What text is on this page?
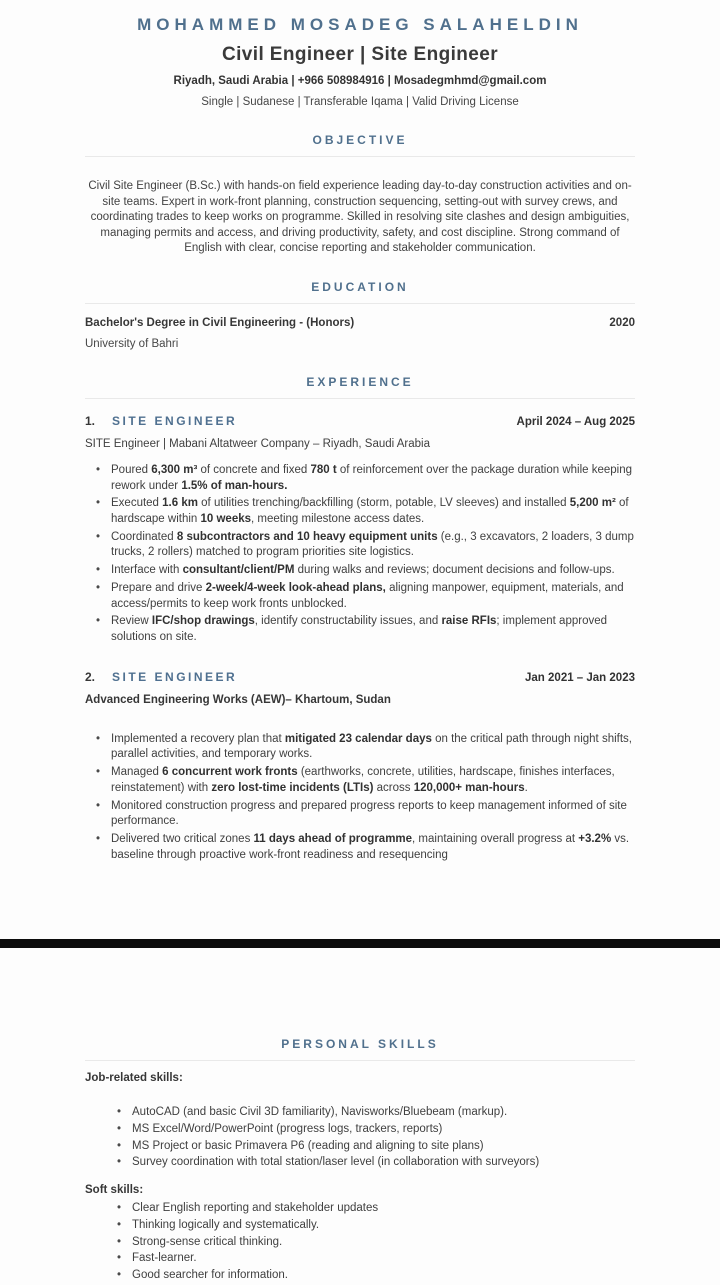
MOHAMMED MOSADEG SALAHELDIN
Civil Engineer | Site Engineer

Riyadh, Saudi Arabia | +966 508984916 | Mosadegmhmd@gmail.com

Single | Sudanese | Transferable Iqama | Valid Driving License

OBJECTIVE

Civil Site Engineer (B.Sc.) with hands-on field experience leading day-to-day construction activities and on-site teams. Expert in work-front planning, construction sequencing, setting-out with survey crews, and coordinating trades to keep works on programme. Skilled in resolving site clashes and design ambiguities, managing permits and access, and driving productivity, safety, and cost discipline. Strong command of English with clear, concise reporting and stakeholder communication.

EDUCATION
Bachelor's Degree in Civil Engineering - (Honors)	2020

University of Bahri

EXPERIENCE
1. SITE ENGINEER	April 2024 – Aug 2025

SITE Engineer | Mabani Altatweer Company – Riyadh, Saudi Arabia

• Poured 6,300 m³ of concrete and fixed 780 t of reinforcement over the package duration while keeping rework under 1.5% of man-hours.
• Executed 1.6 km of utilities trenching/backfilling (storm, potable, LV sleeves) and installed 5,200 m² of hardscape within 10 weeks, meeting milestone access dates.
• Coordinated 8 subcontractors and 10 heavy equipment units (e.g., 3 excavators, 2 loaders, 3 dump trucks, 2 rollers) matched to program priorities site logistics.
• Interface with consultant/client/PM during walks and reviews; document decisions and follow-ups.
• Prepare and drive 2-week/4-week look-ahead plans, aligning manpower, equipment, materials, and access/permits to keep work fronts unblocked.
• Review IFC/shop drawings, identify constructability issues, and raise RFIs; implement approved solutions on site.
2. SITE ENGINEER	Jan 2021 – Jan 2023

Advanced Engineering Works (AEW)– Khartoum, Sudan

• Implemented a recovery plan that mitigated 23 calendar days on the critical path through night shifts, parallel activities, and temporary works.
• Managed 6 concurrent work fronts (earthworks, concrete, utilities, hardscape, finishes interfaces, reinstatement) with zero lost-time incidents (LTIs) across 120,000+ man-hours.
• Monitored construction progress and prepared progress reports to keep management informed of site performance.
• Delivered two critical zones 11 days ahead of programme, maintaining overall progress at +3.2% vs. baseline through proactive work-front readiness and resequencing
PERSONAL SKILLS

Job-related skills:

• AutoCAD (and basic Civil 3D familiarity), Navisworks/Bluebeam (markup).
• MS Excel/Word/PowerPoint (progress logs, trackers, reports)
• MS Project or basic Primavera P6 (reading and aligning to site plans)
• Survey coordination with total station/laser level (in collaboration with surveyors)

Soft skills:

• Clear English reporting and stakeholder updates
• Thinking logically and systematically.
• Strong-sense critical thinking.
• Fast-learner.
• Good searcher for information.
